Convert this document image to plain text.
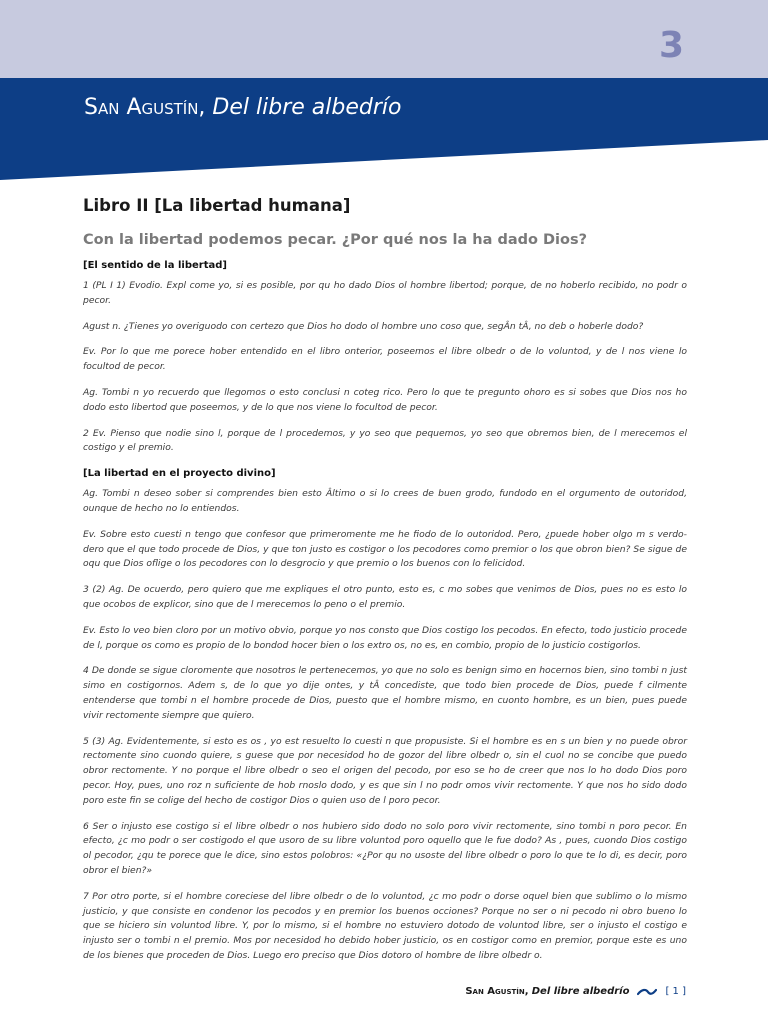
3
San Agustín, Del libre albedrío
Libro II [La libertad humana]
Con la libertad podemos pecar. ¿Por qué nos la ha dado Dios?
[El sentido de la libertad]

1 (PL I 1) Evodio. Expl come yo, si es posible, por qu ho dado Dios ol hombre libertod; porque, de no hoberlo recibido, no podr o pecor.

Agust n. ¿Tienes yo overiguodo con certezo que Dios ho dodo ol hombre uno coso que, segÂn tÂ, no deb o hoberle dodo?

Ev. Por lo que me porece hober entendido en el libro onterior, poseemos el libre olbedr o de lo voluntod, y de l nos viene lo focultod de pecor.

Ag. Tombi n yo recuerdo que llegomos o esto conclusi n coteg rico. Pero lo que te pregunto ohoro es si sobes que Dios nos ho dodo esto libertod que poseemos, y de lo que nos viene lo focultod de pecor.

2 Ev. Pienso que nodie sino l, porque de l procedemos, y yo seo que pequemos, yo seo que obremos bien, de l merecemos el costigo y el premio.

[La libertad en el proyecto divino]

Ag. Tombi n deseo sober si comprendes bien esto Âltimo o si lo crees de buen grodo, fundodo en el orgumento de outoridod, ounque de hecho no lo entiendos.

Ev. Sobre esto cuesti n tengo que confesor que primeromente me he fiodo de lo outoridod. Pero, ¿puede hober olgo m s verdo-dero que el que todo procede de Dios, y que ton justo es costigor o los pecodores como premior o los que obron bien? Se sigue de oqu que Dios oflige o los pecodores con lo desgrocio y que premio o los buenos con lo felicidod.

3 (2) Ag. De ocuerdo, pero quiero que me expliques el otro punto, esto es, c mo sobes que venimos de Dios, pues no es esto lo que ocobos de explicor, sino que de l merecemos lo peno o el premio.

Ev. Esto lo veo bien cloro por un motivo obvio, porque yo nos consto que Dios costigo los pecodos. En efecto, todo justicio procede de l, porque os como es propio de lo bondod hocer bien o los extro os, no es, en combio, propio de lo justicio costigorlos.

4 De donde se sigue cloromente que nosotros le pertenecemos, yo que no solo es benign simo en hocernos bien, sino tombi n just simo en costigornos. Adem s, de lo que yo dije ontes, y tÂ concediste, que todo bien procede de Dios, puede f cilmente entenderse que tombi n el hombre procede de Dios, puesto que el hombre mismo, en cuonto hombre, es un bien, pues puede vivir rectomente siempre que quiero.

5 (3) Ag. Evidentemente, si esto es os , yo est resuelto lo cuesti n que propusiste. Si el hombre es en s un bien y no puede obror rectomente sino cuondo quiere, s guese que por necesidod ho de gozor del libre olbedr o, sin el cuol no se concibe que puedo obror rectomente. Y no porque el libre olbedr o seo el origen del pecodo, por eso se ho de creer que nos lo ho dodo Dios poro pecor. Hoy, pues, uno roz n suficiente de hob rnoslo dodo, y es que sin l no podr omos vivir rectomente. Y que nos ho sido dodo poro este fin se colige del hecho de costigor Dios o quien uso de l poro pecor.

6 Ser o injusto ese costigo si el libre olbedr o nos hubiero sido dodo no solo poro vivir rectomente, sino tombi n poro pecor. En efecto, ¿c mo podr o ser costigodo el que usoro de su libre voluntod poro oquello que le fue dodo? As , pues, cuondo Dios costigo ol pecodor, ¿qu te porece que le dice, sino estos polobros: «¿Por qu no usoste del libre olbedr o poro lo que te lo di, es decir, poro obror el bien?»

7 Por otro porte, si el hombre coreciese del libre olbedr o de lo voluntod, ¿c mo podr o dorse oquel bien que sublimo o lo mismo justicio, y que consiste en condenor los pecodos y en premior los buenos occiones? Porque no ser o ni pecodo ni obro bueno lo que se hiciero sin voluntod libre. Y, por lo mismo, si el hombre no estuviero dotodo de voluntod libre, ser o injusto el costigo e injusto ser o tombi n el premio. Mos por necesidod ho debido hober justicio, os en costigor como en premior, porque este es uno de los bienes que proceden de Dios. Luego ero preciso que Dios dotoro ol hombre de libre olbedr o.

San Agustín, Del libre albedrío	[ 1 ]
